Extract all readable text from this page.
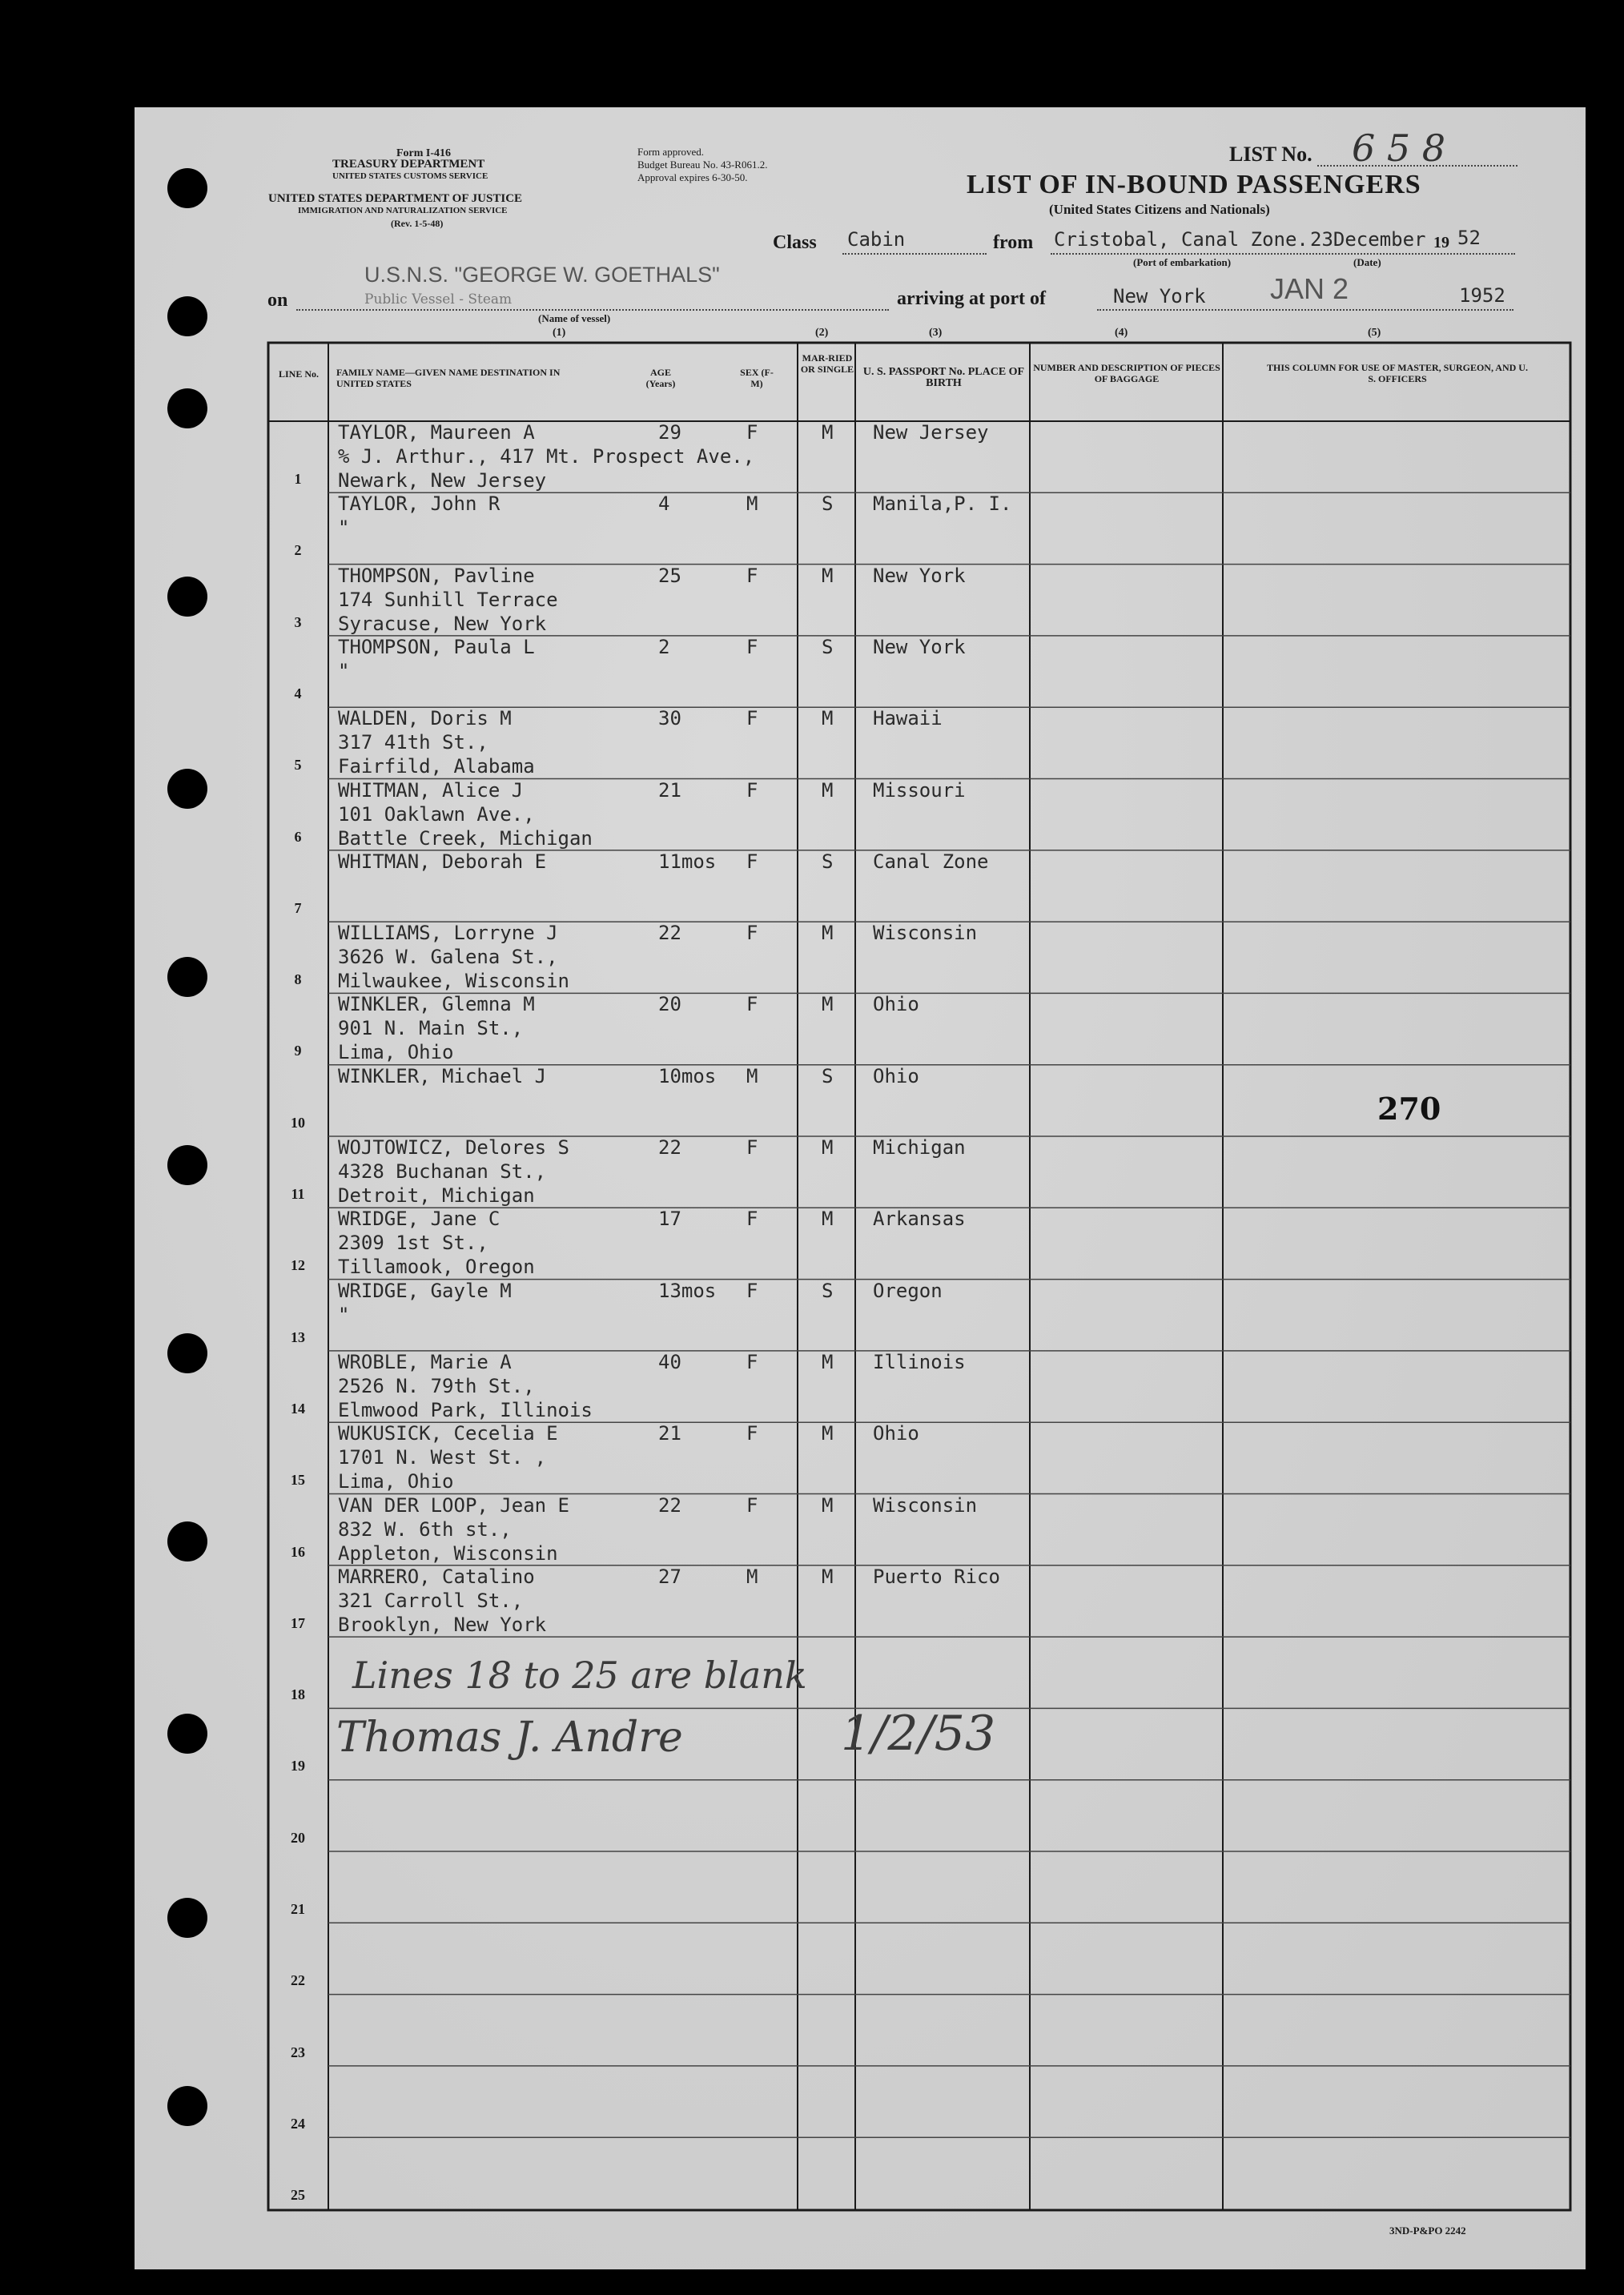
Form I-416
TREASURY DEPARTMENT
UNITED STATES CUSTOMS SERVICE
UNITED STATES DEPARTMENT OF JUSTICE
IMMIGRATION AND NATURALIZATION SERVICE
(Rev. 1-5-48)
Form approved.
Budget Bureau No. 43-R061.2.
Approval expires 6-30-50.
LIST No. 6 5 8
LIST OF IN-BOUND PASSENGERS
(United States Citizens and Nationals)
Class Cabin	from Cristobal, Canal Zone. 23December 19 52
(Port of embarkation)	(Date)
on
U.S.N.S. "GEORGE W. GOETHALS"
Public Vessel - Steam
(Name of vessel)
arriving at port of	New York JAN 2	1952
(1)	(2)	(3)	(4)	(5)
LINE No.	FAMILY NAME—GIVEN NAME DESTINATION IN UNITED STATES
AGE (Years)
SEX (F-M)
MAR-RIED OR SINGLE U. S. PASSPORT No. PLACE OF BIRTH
NUMBER AND DESCRIPTION OF PIECES OF BAGGAGE
THIS COLUMN FOR USE OF MASTER, SURGEON, AND U. S. OFFICERS
1
TAYLOR, Maureen A
% J. Arthur., 417 Mt. Prospect Ave.,
Newark, New Jersey
29	F	M New Jersey
2
TAYLOR, John R
"
4	M	S Manila,P. I.
3
THOMPSON, Pavline
174 Sunhill Terrace
Syracuse, New York
25	F	M New York
4
THOMPSON, Paula L
"
2	F	S New York
5
WALDEN, Doris M
317 41th St.,
Fairfild, Alabama
30	F	M Hawaii
6
WHITMAN, Alice J
101 Oaklawn Ave.,
Battle Creek, Michigan
21	F	M Missouri
7
WHITMAN, Deborah E	11mos F	S Canal Zone
8
WILLIAMS, Lorryne J
3626 W. Galena St.,
Milwaukee, Wisconsin
22	F	M Wisconsin
9
WINKLER, Glemna M
901 N. Main St.,
Lima, Ohio
20	F	M Ohio
10
WINKLER, Michael J	10mos M	S Ohio
11
WOJTOWICZ, Delores S
4328 Buchanan St.,
Detroit, Michigan
22	F	M Michigan
12
WRIDGE, Jane C
2309 1st St.,
Tillamook, Oregon
17	F	M Arkansas
13
WRIDGE, Gayle M
"
13mos F	S Oregon
14
WROBLE, Marie A
2526 N. 79th St.,
Elmwood Park, Illinois
40	F	M Illinois
15
WUKUSICK, Cecelia E
1701 N. West St. ,
Lima, Ohio
21	F	M Ohio
16
VAN DER LOOP, Jean E
832 W. 6th st.,
Appleton, Wisconsin
22	F	M Wisconsin
17
MARRERO, Catalino
321 Carroll St.,
Brooklyn, New York
27	M	M Puerto Rico
18
19
20
21
22
23
24
25
270
Lines 18 to 25 are blank
Thomas J. Andre	1/2/53
3ND-P&PO 2242
